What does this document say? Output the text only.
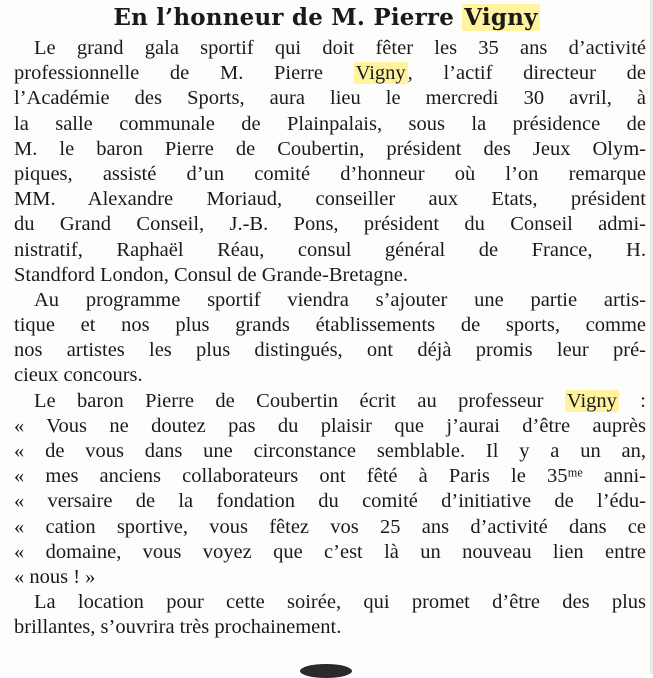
En l’honneur de M. Pierre Vigny
Le grand gala sportif qui doit fêter les 35 ans d’activité
professionnelle de M. Pierre Vigny, l’actif directeur de
l’Académie des Sports, aura lieu le mercredi 30 avril, à
la salle communale de Plainpalais, sous la présidence de
M. le baron Pierre de Coubertin, président des Jeux Olym-
piques, assisté d’un comité d’honneur où l’on remarque
MM. Alexandre Moriaud, conseiller aux Etats, président
du Grand Conseil, J.-B. Pons, président du Conseil admi-
nistratif, Raphaël Réau, consul général de France, H.
Standford London, Consul de Grande-Bretagne.
Au programme sportif viendra s’ajouter une partie artis-
tique et nos plus grands établissements de sports, comme
nos artistes les plus distingués, ont déjà promis leur pré-
cieux concours.
Le baron Pierre de Coubertin écrit au professeur Vigny :
« Vous ne doutez pas du plaisir que j’aurai d’être auprès
« de vous dans une circonstance semblable. Il y a un an,
« mes anciens collaborateurs ont fêté à Paris le 35ᵐᵉ anni-
« versaire de la fondation du comité d’initiative de l’édu-
« cation sportive, vous fêtez vos 25 ans d’activité dans ce
« domaine, vous voyez que c’est là un nouveau lien entre
« nous ! »
La location pour cette soirée, qui promet d’être des plus
brillantes, s’ouvrira très prochainement.
